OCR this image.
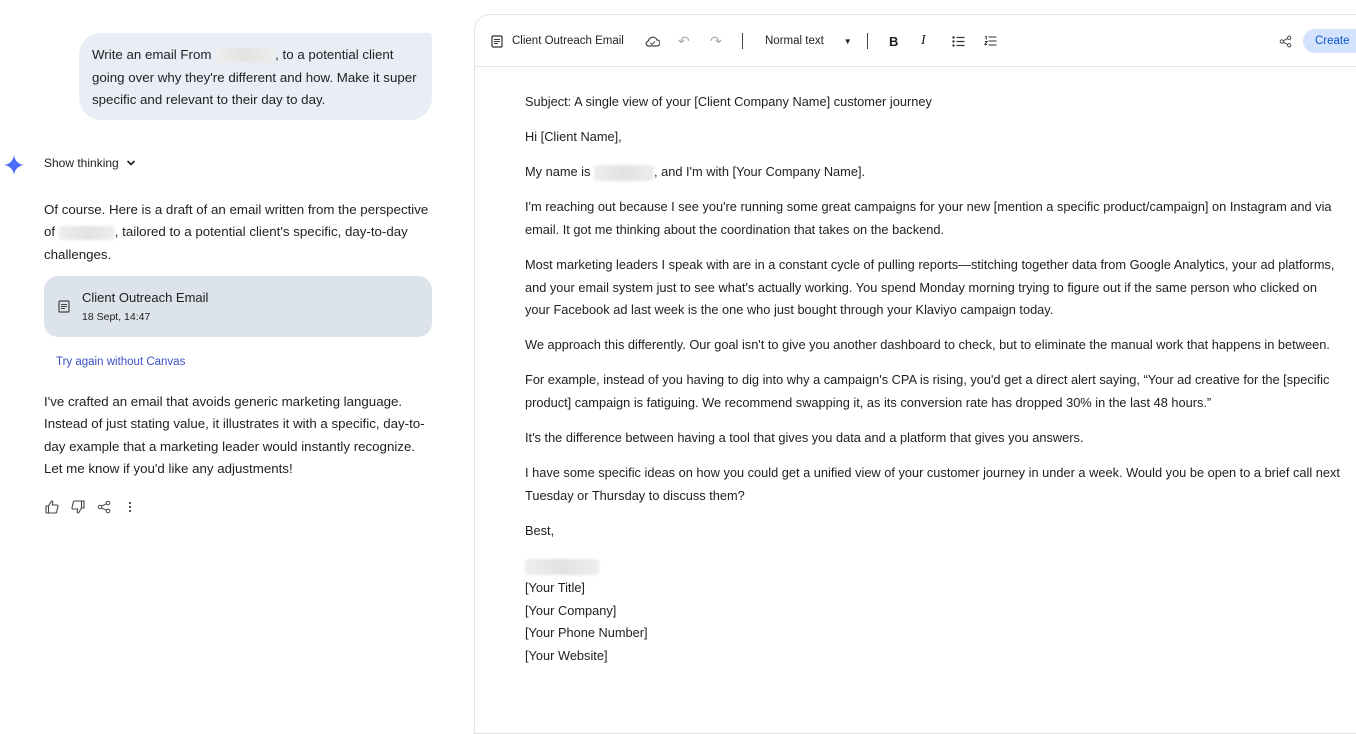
Write an email From	, to a potential client going over why they're different and how. Make it super specific and relevant to their day to day.
Show thinking
Of course. Here is a draft of an email written from the perspective of	, tailored to a potential client's specific, day-to-day challenges.
Client Outreach Email
18 Sept, 14:47
Try again without Canvas
I've crafted an email that avoids generic marketing language. Instead of just stating value, it illustrates it with a specific, day-to-day example that a marketing leader would instantly recognize. Let me know if you'd like any adjustments!
Client Outreach Email	↶ ↷	Normal text	▼	B I	Create

Subject: A single view of your [Client Company Name] customer journey

Hi [Client Name],

My name is	, and I'm with [Your Company Name].

I'm reaching out because I see you're running some great campaigns for your new [mention a specific product/campaign] on Instagram and via email. It got me thinking about the coordination that takes on the backend.

Most marketing leaders I speak with are in a constant cycle of pulling reports—stitching together data from Google Analytics, your ad platforms, and your email system just to see what's actually working. You spend Monday morning trying to figure out if the same person who clicked on your Facebook ad last week is the one who just bought through your Klaviyo campaign today.

We approach this differently. Our goal isn't to give you another dashboard to check, but to eliminate the manual work that happens in between.

For example, instead of you having to dig into why a campaign's CPA is rising, you'd get a direct alert saying, “Your ad creative for the [specific product] campaign is fatiguing. We recommend swapping it, as its conversion rate has dropped 30% in the last 48 hours.”

It's the difference between having a tool that gives you data and a platform that gives you answers.

I have some specific ideas on how you could get a unified view of your customer journey in under a week. Would you be open to a brief call next Tuesday or Thursday to discuss them?

Best,

[Your Title]

[Your Company]

[Your Phone Number]

[Your Website]
